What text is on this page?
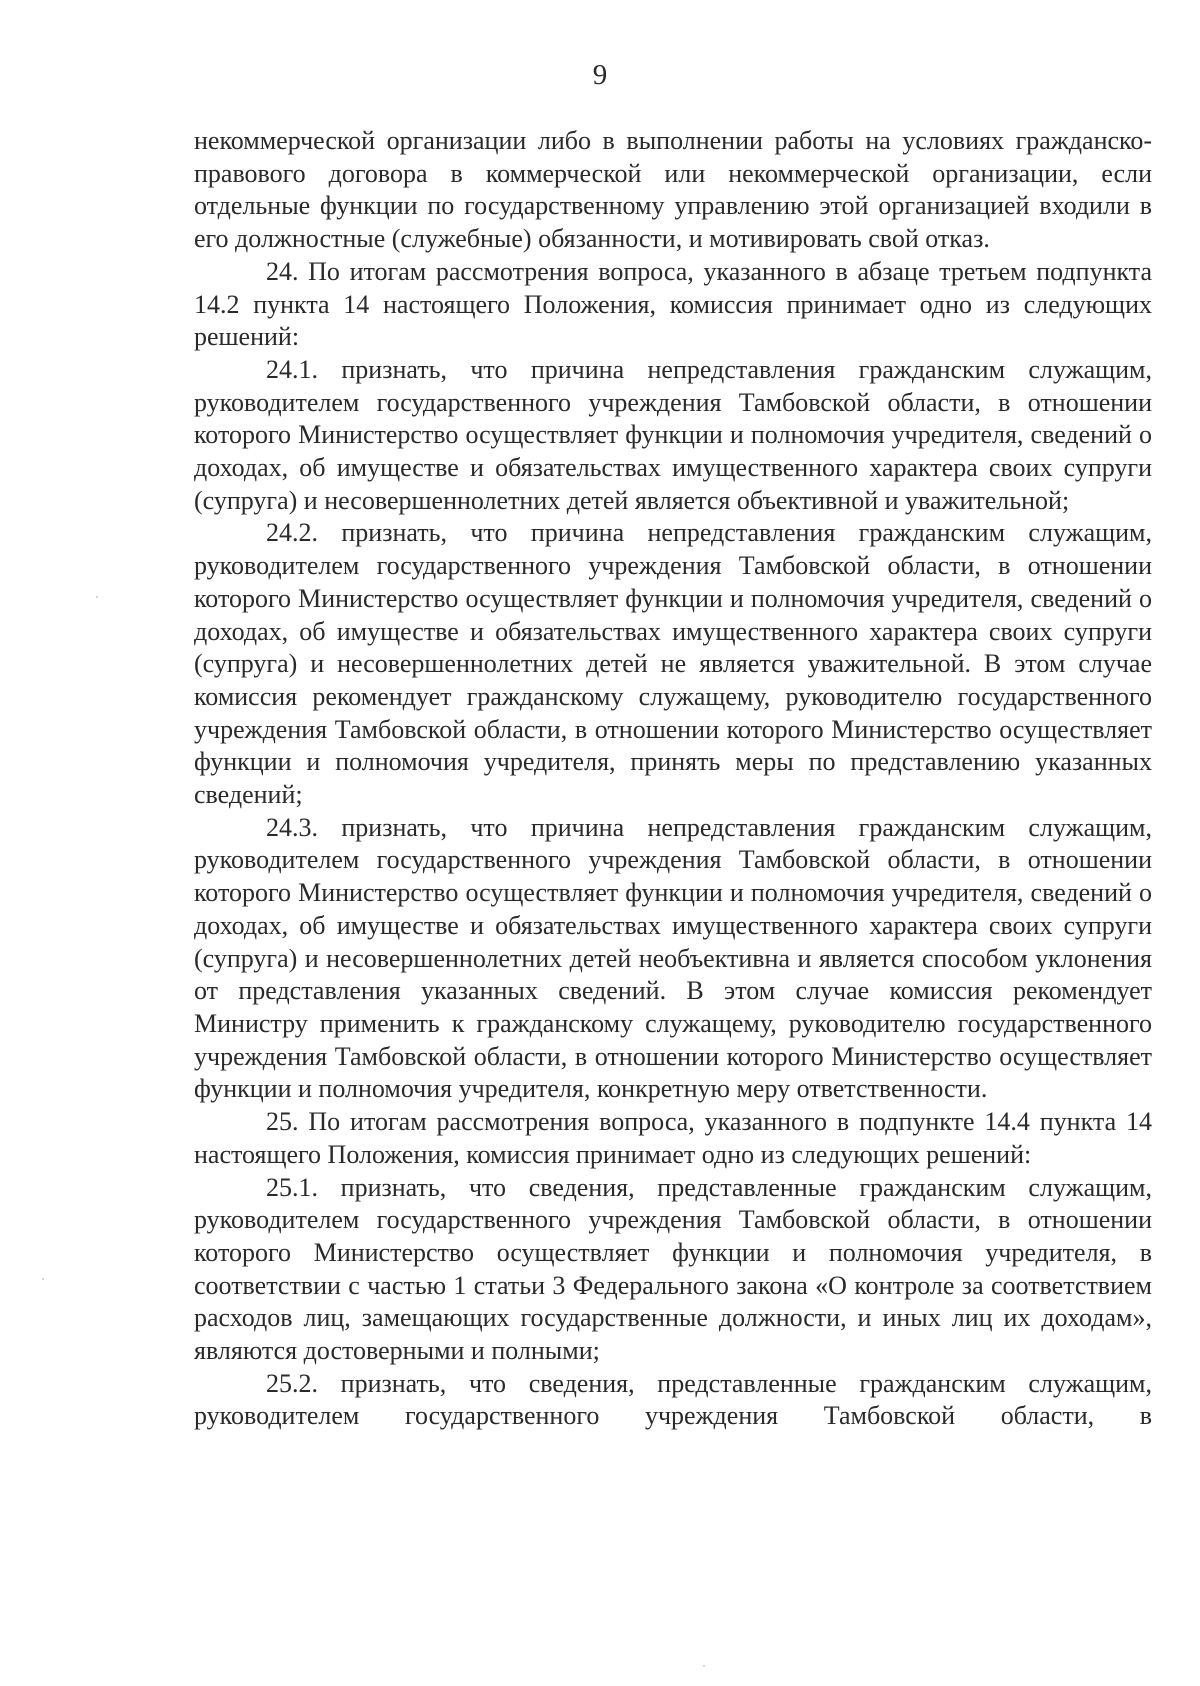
9

некоммерческой организации либо в выполнении работы на условиях гражданско-правового договора в коммерческой или некоммерческой организации, если отдельные функции по государственному управлению этой организацией входили в его должностные (служебные) обязанности, и мотивировать свой отказ.

24. По итогам рассмотрения вопроса, указанного в абзаце третьем подпункта 14.2 пункта 14 настоящего Положения, комиссия принимает одно из следующих решений:

24.1. признать, что причина непредставления гражданским служащим, руководителем государственного учреждения Тамбовской области, в отношении которого Министерство осуществляет функции и полномочия учредителя, сведений о доходах, об имуществе и обязательствах имущественного характера своих супруги (супруга) и несовершеннолетних детей является объективной и уважительной;

24.2. признать, что причина непредставления гражданским служащим, руководителем государственного учреждения Тамбовской области, в отношении которого Министерство осуществляет функции и полномочия учредителя, сведений о доходах, об имуществе и обязательствах имущественного характера своих супруги (супруга) и несовершеннолетних детей не является уважительной. В этом случае комиссия рекомендует гражданскому служащему, руководителю государственного учреждения Тамбовской области, в отношении которого Министерство осуществляет функции и полномочия учредителя, принять меры по представлению указанных сведений;

24.3. признать, что причина непредставления гражданским служащим, руководителем государственного учреждения Тамбовской области, в отношении которого Министерство осуществляет функции и полномочия учредителя, сведений о доходах, об имуществе и обязательствах имущественного характера своих супруги (супруга) и несовершеннолетних детей необъективна и является способом уклонения от представления указанных сведений. В этом случае комиссия рекомендует Министру применить к гражданскому служащему, руководителю государственного учреждения Тамбовской области, в отношении которого Министерство осуществляет функции и полномочия учредителя, конкретную меру ответственности.

25. По итогам рассмотрения вопроса, указанного в подпункте 14.4 пункта 14 настоящего Положения, комиссия принимает одно из следующих решений:

25.1. признать, что сведения, представленные гражданским служащим, руководителем государственного учреждения Тамбовской области, в отношении которого Министерство осуществляет функции и полномочия учредителя, в соответствии с частью 1 статьи 3 Федерального закона «О контроле за соответствием расходов лиц, замещающих государственные должности, и иных лиц их доходам», являются достоверными и полными;

25.2. признать, что сведения, представленные гражданским служащим, руководителем государственного учреждения Тамбовской области, в
